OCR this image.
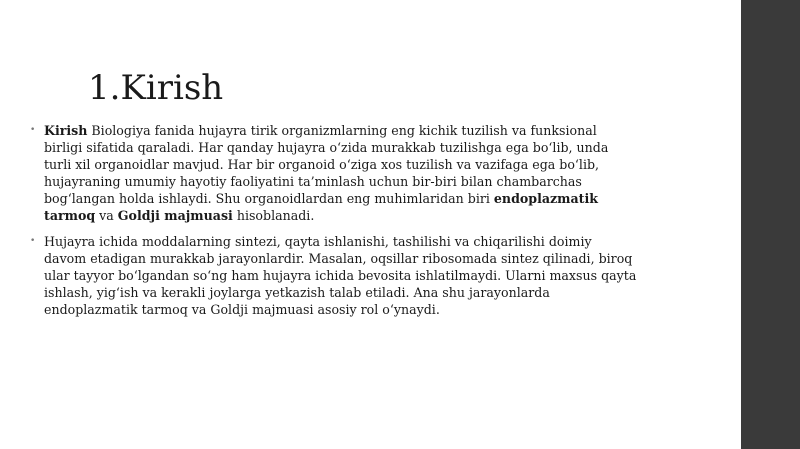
1.Kirish
• Kirish Biologiya fanida hujayra tirik organizmlarning eng kichik tuzilish va funksional
birligi sifatida qaraladi. Har qanday hujayra o‘zida murakkab tuzilishga ega bo‘lib, unda
turli xil organoidlar mavjud. Har bir organoid o‘ziga xos tuzilish va vazifaga ega bo‘lib,
hujayraning umumiy hayotiy faoliyatini ta’minlash uchun bir-biri bilan chambarchas
bog‘langan holda ishlaydi. Shu organoidlardan eng muhimlaridan biri endoplazmatik
tarmoq va Goldji majmuasi hisoblanadi.
• Hujayra ichida moddalarning sintezi, qayta ishlanishi, tashilishi va chiqarilishi doimiy
davom etadigan murakkab jarayonlardir. Masalan, oqsillar ribosomada sintez qilinadi, biroq
ular tayyor bo‘lgandan so‘ng ham hujayra ichida bevosita ishlatilmaydi. Ularni maxsus qayta
ishlash, yig‘ish va kerakli joylarga yetkazish talab etiladi. Ana shu jarayonlarda
endoplazmatik tarmoq va Goldji majmuasi asosiy rol o‘ynaydi.
